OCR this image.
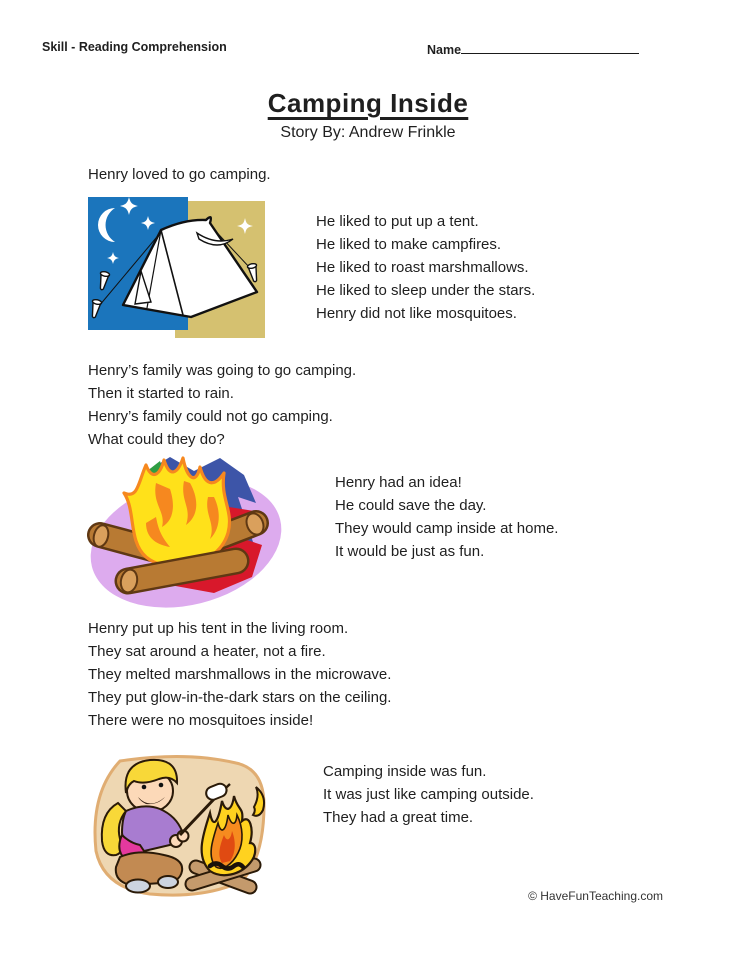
Skill - Reading Comprehension	Name
Camping Inside
Story By: Andrew Frinkle
Henry loved to go camping.
He liked to put up a tent.
He liked to make campfires.
He liked to roast marshmallows.
He liked to sleep under the stars.
Henry did not like mosquitoes.
Henry’s family was going to go camping.
Then it started to rain.
Henry’s family could not go camping.
What could they do?
Henry had an idea!
He could save the day.
They would camp inside at home.
It would be just as fun.
Henry put up his tent in the living room.
They sat around a heater, not a fire.
They melted marshmallows in the microwave.
They put glow-in-the-dark stars on the ceiling.
There were no mosquitoes inside!
Camping inside was fun.
It was just like camping outside.
They had a great time.
© HaveFunTeaching.com
